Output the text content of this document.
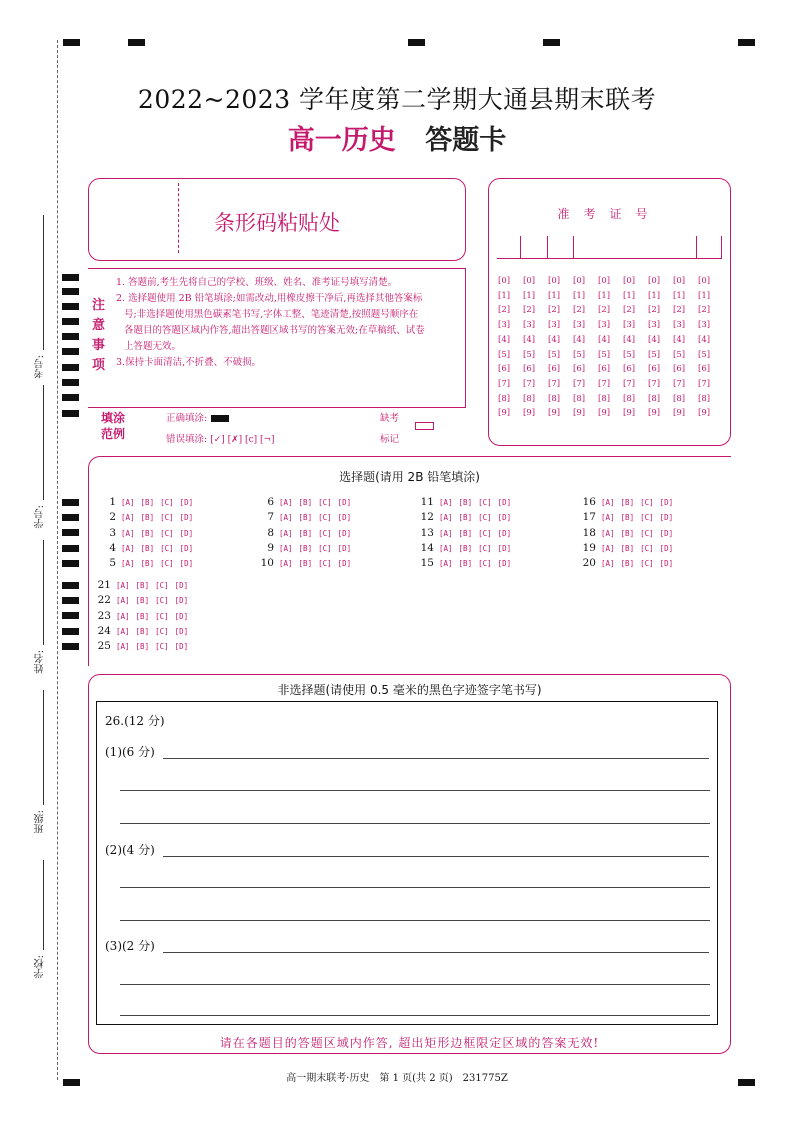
学校:
班级:
姓名:
学号:
考号:
2022~2023 学年度第二学期大通县期末联考
高一历史 答题卡
条形码粘贴处
注
意
事
项

1. 答题前,考生先将自己的学校、班级、姓名、准考证号填写清楚。

2. 选择题使用 2B 铅笔填涂;如需改动,用橡皮擦干净后,再选择其他答案标

号;非选择题使用黑色碳素笔书写,字体工整、笔迹清楚,按照题号顺序在

各题目的答题区域内作答,超出答题区域书写的答案无效;在草稿纸、试卷

上答题无效。

3.保持卡面清洁,不折叠、不破损。

填涂
范例
正确填涂:
错误填涂: [✓] [✗] [c] [¬]
缺考
标记
准考证号
[0] [0] [0] [0] [0] [0] [0] [0] [0]
[1] [1] [1] [1] [1] [1] [1] [1] [1]
[2] [2] [2] [2] [2] [2] [2] [2] [2]
[3] [3] [3] [3] [3] [3] [3] [3] [3]
[4] [4] [4] [4] [4] [4] [4] [4] [4]
[5] [5] [5] [5] [5] [5] [5] [5] [5]
[6] [6] [6] [6] [6] [6] [6] [6] [6]
[7] [7] [7] [7] [7] [7] [7] [7] [7]
[8] [8] [8] [8] [8] [8] [8] [8] [8]
[9] [9] [9] [9] [9] [9] [9] [9] [9]
选择题(请用 2B 铅笔填涂)
1 [A] [B] [C] [D]
2 [A] [B] [C] [D]
3 [A] [B] [C] [D]
4 [A] [B] [C] [D]
5 [A] [B] [C] [D]
6 [A] [B] [C] [D]
7 [A] [B] [C] [D]
8 [A] [B] [C] [D]
9 [A] [B] [C] [D]
10 [A] [B] [C] [D]
11 [A] [B] [C] [D]
12 [A] [B] [C] [D]
13 [A] [B] [C] [D]
14 [A] [B] [C] [D]
15 [A] [B] [C] [D]
16 [A] [B] [C] [D]
17 [A] [B] [C] [D]
18 [A] [B] [C] [D]
19 [A] [B] [C] [D]
20 [A] [B] [C] [D]
21 [A] [B] [C] [D]
22 [A] [B] [C] [D]
23 [A] [B] [C] [D]
24 [A] [B] [C] [D]
25 [A] [B] [C] [D]
非选择题(请使用 0.5 毫米的黑色字迹签字笔书写)
26.(12 分)
(1)(6 分)
(2)(4 分)
(3)(2 分)
请在各题目的答题区域内作答, 超出矩形边框限定区域的答案无效!
高一期末联考·历史　第 1 页(共 2 页)　231775Z
